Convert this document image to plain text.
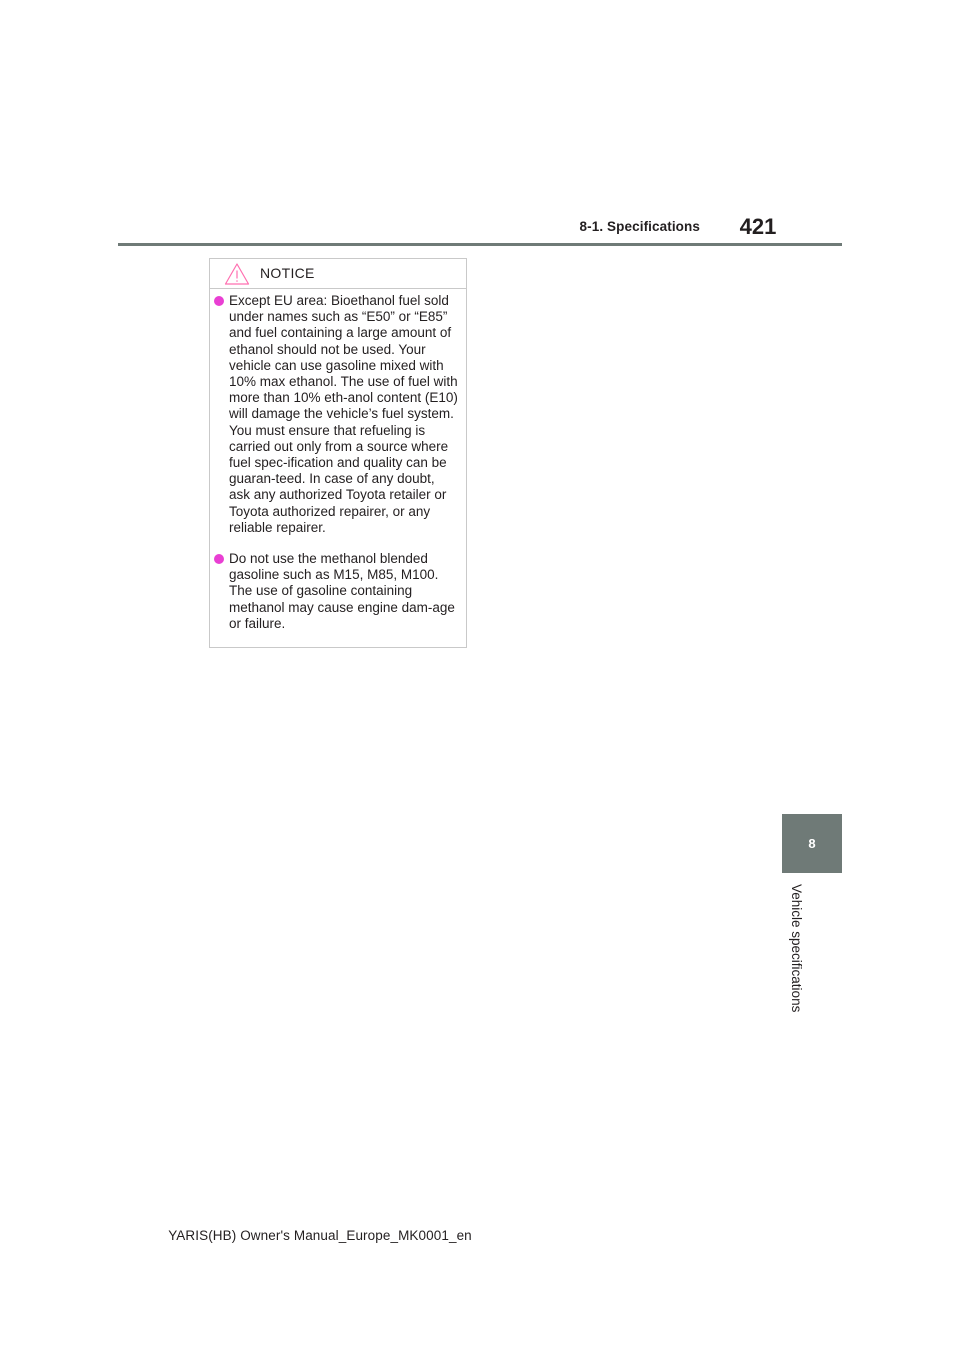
8-1. Specifications	421
NOTICE
Except EU area: Bioethanol fuel sold under names such as “E50” or “E85” and fuel containing a large amount of ethanol should not be used. Your vehicle can use gasoline mixed with 10% max ethanol. The use of fuel with more than 10% eth-anol content (E10) will damage the vehicle’s fuel system. You must ensure that refueling is carried out only from a source where fuel spec-ification and quality can be guaran-teed. In case of any doubt, ask any authorized Toyota retailer or Toyota authorized repairer, or any reliable repairer.
Do not use the methanol blended gasoline such as M15, M85, M100. The use of gasoline containing methanol may cause engine dam-age or failure.
8
Vehicle specifications
YARIS(HB) Owner's Manual_Europe_MK0001_en
